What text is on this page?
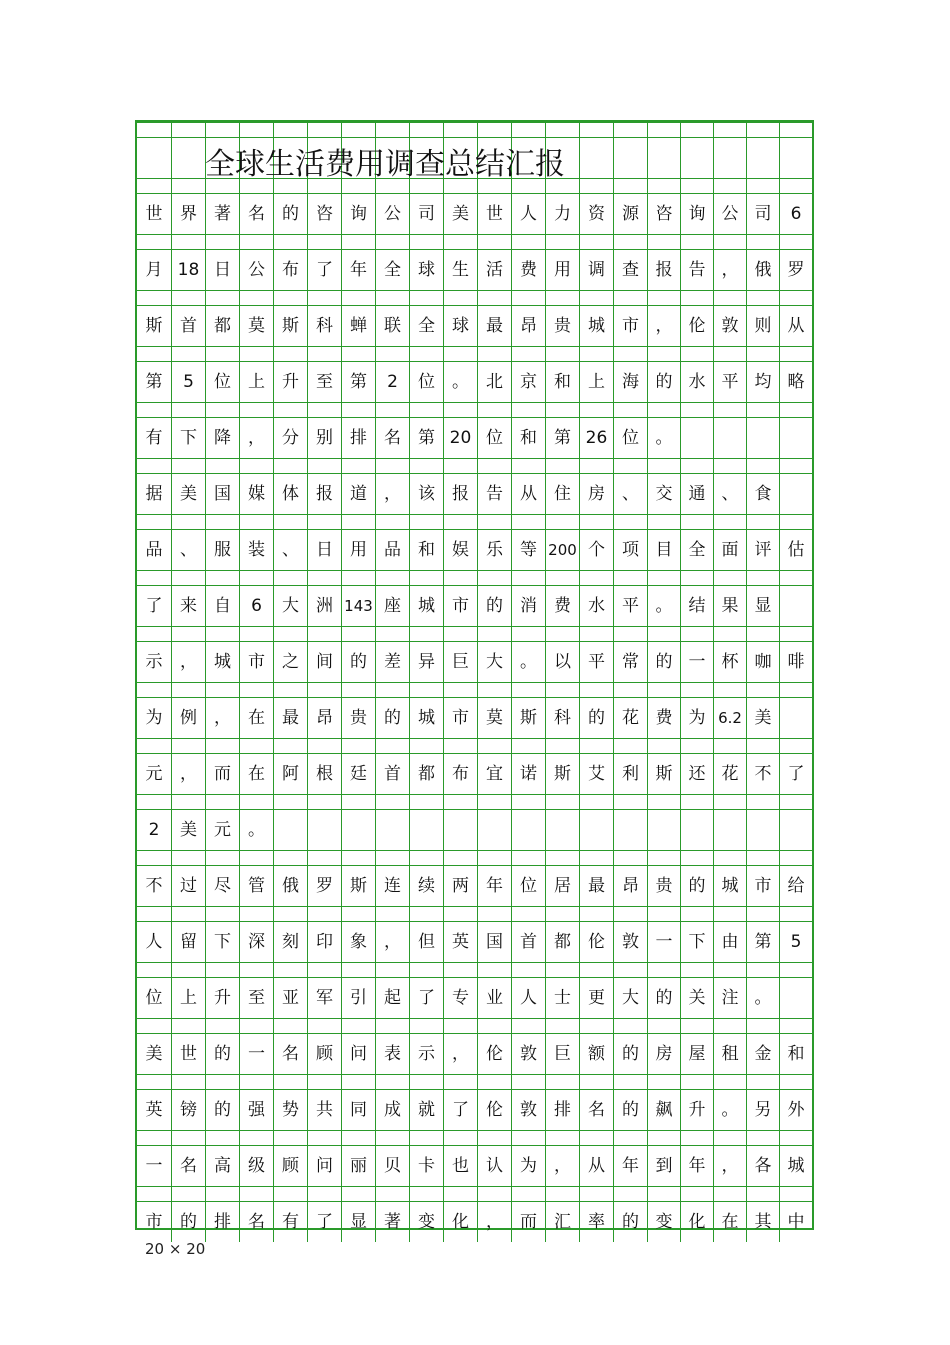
全球生活费用调查总结汇报
世	界	著	名	的	咨	询	公	司	美	世	人	力	资	源 咨 询 公 司	6
月 18 日	公	布	了	年	全	球	生	活	费	用	调	查 报 告 ， 俄 罗
斯	首	都	莫	斯	科	蝉	联	全	球	最	昂	贵	城	市 ， 伦 敦 则 从
第	5	位	上	升	至	第	2	位	。	北	京	和	上	海 的 水 平 均 略
有	下	降	，	分	别	排	名	第 20 位	和	第 26 位 。
据	美	国	媒	体	报	道	，	该	报	告	从	住	房	、 交 通 、 食
品	、	服	装	、	日	用	品	和	娱	乐	等 200 个	项 目 全 面 评 估
了	来	自	6	大	洲 143 座	城	市	的	消	费	水	平 。 结 果 显
示	，	城	市	之	间	的	差	异	巨	大	。	以	平	常 的 一 杯 咖 啡
为	例	，	在	最	昂	贵	的	城	市	莫	斯	科	的	花 费 为 6.2 美
元	，	而	在	阿	根	廷	首	都	布	宜	诺	斯	艾	利 斯 还 花 不 了
2	美	元	。
不	过	尽	管	俄	罗	斯	连	续	两	年	位	居	最	昂 贵 的 城 市 给
人	留	下	深	刻	印	象	，	但	英	国	首	都	伦	敦 一 下 由 第	5
位	上	升	至	亚	军	引	起	了	专	业	人	士	更	大 的 关 注 。
美	世	的	一	名	顾	问	表	示	，	伦	敦	巨	额	的 房 屋 租 金 和
英	镑	的	强	势	共	同	成	就	了	伦	敦	排	名	的 飙 升 。 另 外
一	名	高	级	顾	问	丽	贝	卡	也	认	为	，	从	年 到 年 ， 各 城
市	的	排	名	有	了	显	著	变	化	，	而	汇	率	的 变 化 在 其 中
20 × 20
